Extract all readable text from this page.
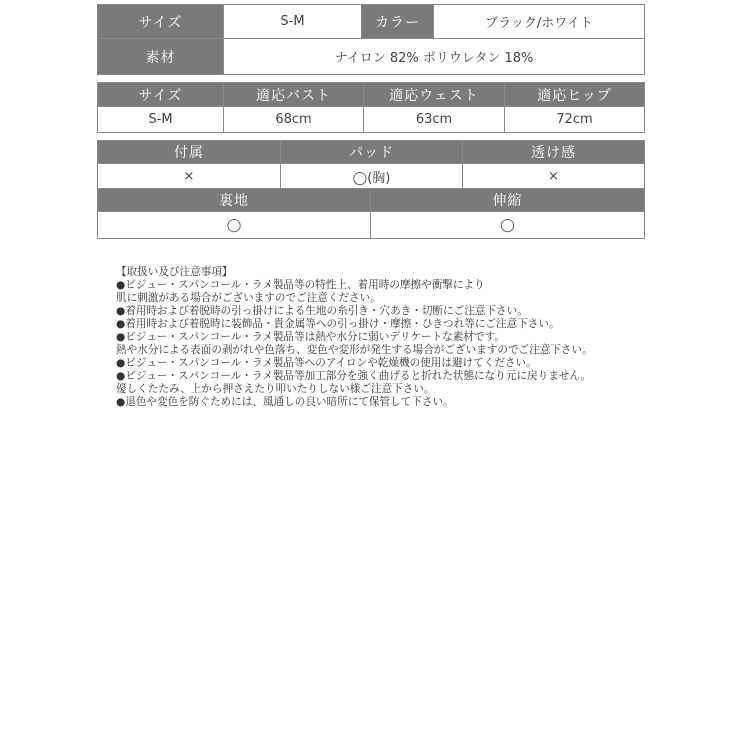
サイズ	S-M	カラー	ブラック/ホワイト
素材	ナイロン 82% ポリウレタン 18%		
サイズ	適応バスト	適応ウェスト	適応ヒップ
S-M	68cm	63cm	72cm
付属	パッド	透け感
×	◯(胸)	×
裏地	伸縮
◯	◯
【取扱い及び注意事項】
●ビジュー・スパンコール・ラメ製品等の特性上、着用時の摩擦や衝撃により
肌に刺激がある場合がございますのでご注意ください。
●着用時および着脱時の引っ掛けによる生地の糸引き・穴あき・切断にご注意下さい。
●着用時および着脱時に装飾品・貴金属等への引っ掛け・摩擦・ひきつれ等にご注意下さい。
●ビジュー・スパンコール・ラメ製品等は熱や水分に弱いデリケートな素材です。
熱や水分による表面の剥がれや色落ち、変色や変形が発生する場合がございますのでご注意下さい。
●ビジュー・スパンコール・ラメ製品等へのアイロンや乾燥機の使用は避けてください。
●ビジュー・スパンコール・ラメ製品等加工部分を強く曲げると折れた状態になり元に戻りません。
優しくたたみ、上から押さえたり叩いたりしない様ご注意下さい。
●退色や変色を防ぐためには、風通しの良い暗所にて保管して下さい。
